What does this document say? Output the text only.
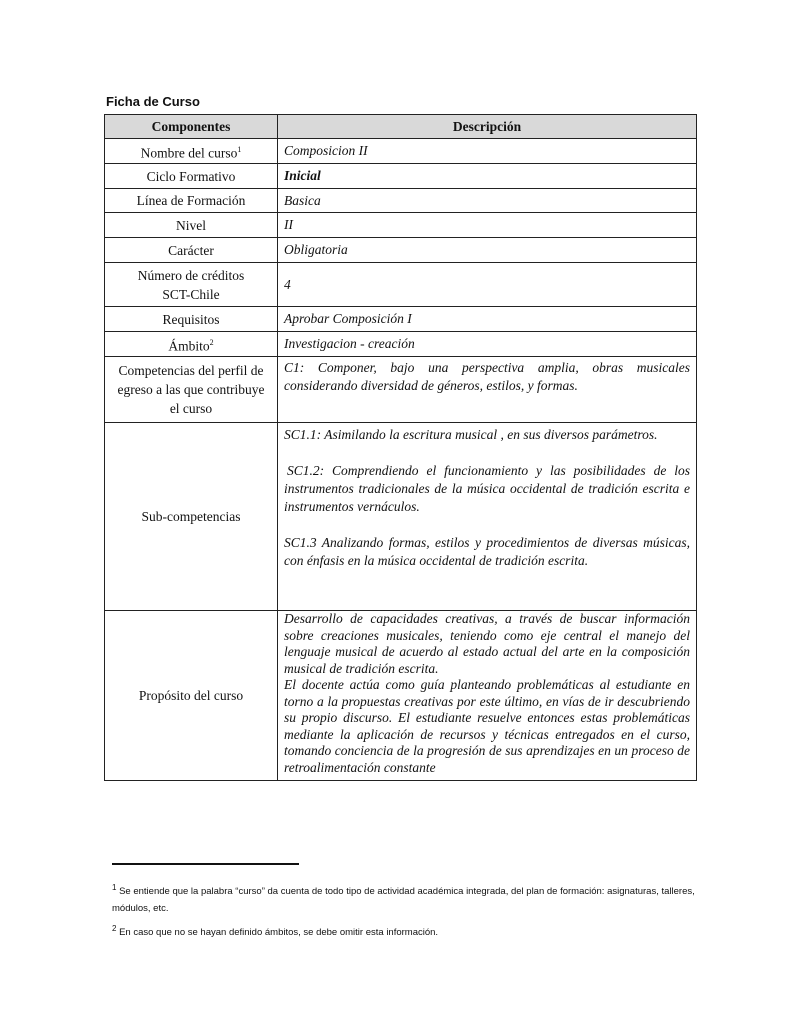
Ficha de Curso
Componentes	Descripción
Nombre del curso$^1$	Composicion II
Ciclo Formativo	Inicial
Línea de Formación	Basica
Nivel	II
Carácter	Obligatoria

Número de créditos
SCT-Chile	4
Requisitos	Aprobar Composición I
Ámbito$^2$	Investigacion - creación
Competencias del perfil de egreso a las que contribuye el curso	C1: Componer, bajo una perspectiva amplia, obras musicales considerando diversidad de géneros, estilos, y formas.
Sub-competencias	SC1.1: Asimilando la escritura musical , en sus diversos parámetros.

SC1.2: Comprendiendo el funcionamiento y las posibilidades de los instrumentos tradicionales de la música occidental de tradición escrita e instrumentos vernáculos.

SC1.3 Analizando formas, estilos y procedimientos de diversas músicas, con énfasis en la música occidental de tradición escrita.

Propósito del curso	Desarrollo de capacidades creativas, a través de buscar información sobre creaciones musicales, teniendo como eje central el manejo del lenguaje musical de acuerdo al estado actual del arte en la composición musical de tradición escrita.
El docente actúa como guía planteando problemáticas al estudiante en torno a la propuestas creativas por este último, en vías de ir descubriendo su propio discurso. El estudiante resuelve entonces estas problemáticas mediante la aplicación de recursos y técnicas entregados en el curso, tomando conciencia de la progresión de sus aprendizajes en un proceso de retroalimentación constante
$^1$ Se entiende que la palabra “curso” da cuenta de todo tipo de actividad académica integrada, del plan de formación: asignaturas, talleres, módulos, etc.
$^2$ En caso que no se hayan definido ámbitos, se debe omitir esta información.
